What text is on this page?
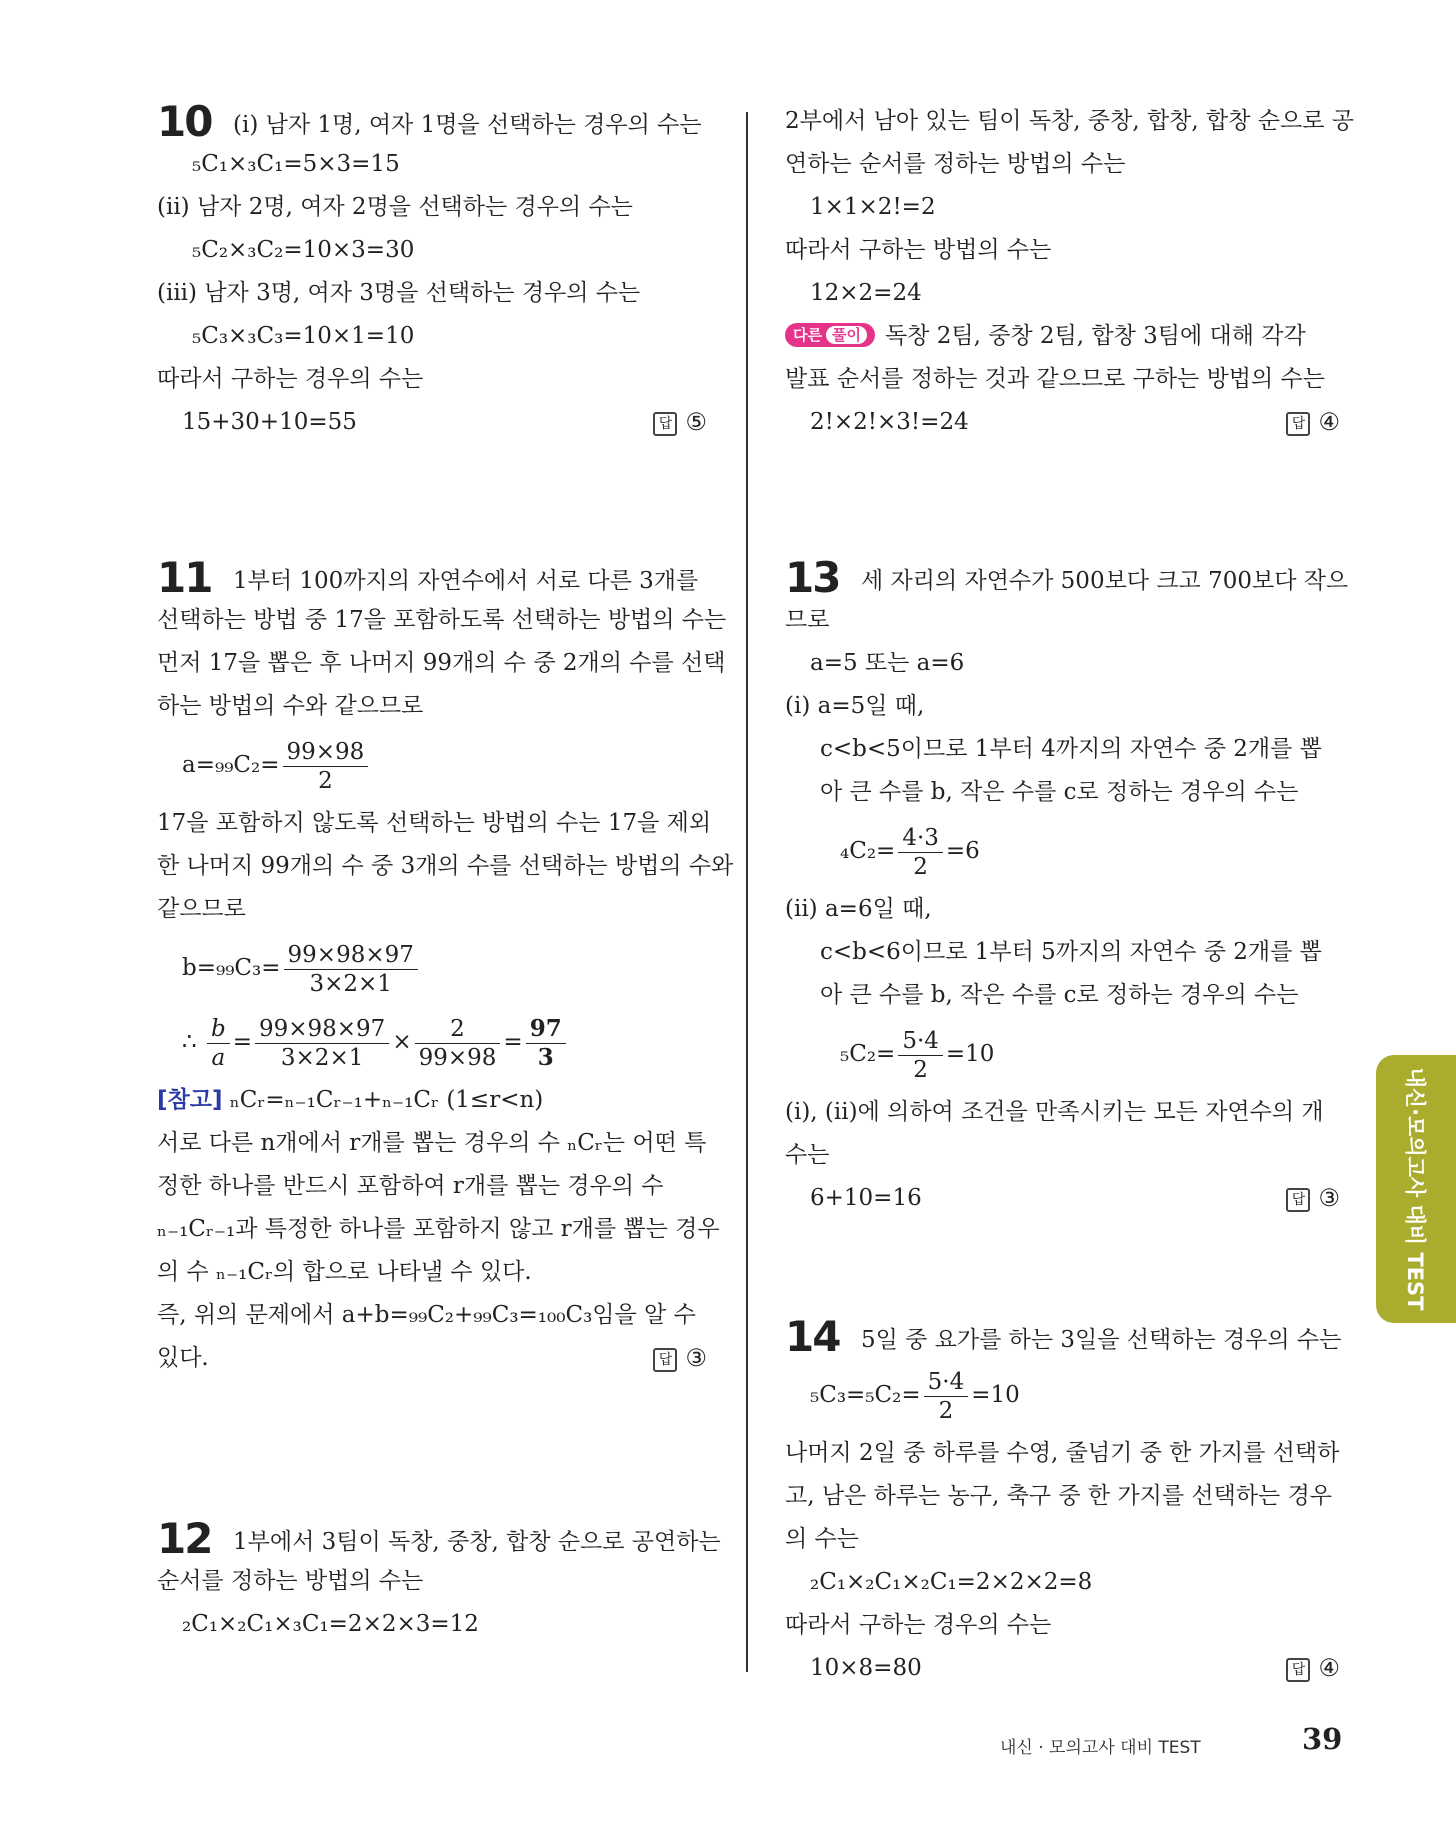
10 (i) 남자 1명, 여자 1명을 선택하는 경우의 수는
₅C₁×₃C₁=5×3=15
(ii) 남자 2명, 여자 2명을 선택하는 경우의 수는
₅C₂×₃C₂=10×3=30
(iii) 남자 3명, 여자 3명을 선택하는 경우의 수는
₅C₃×₃C₃=10×1=10
따라서 구하는 경우의 수는
15+30+10=55	답 ⑤
11 1부터 100까지의 자연수에서 서로 다른 3개를
선택하는 방법 중 17을 포함하도록 선택하는 방법의 수는
먼저 17을 뽑은 후 나머지 99개의 수 중 2개의 수를 선택
하는 방법의 수와 같으므로
$a=_{99}C_2= \frac{99\times 98}{2}$
17을 포함하지 않도록 선택하는 방법의 수는 17을 제외
한 나머지 99개의 수 중 3개의 수를 선택하는 방법의 수와
같으므로
$b=_{99}C_3= \frac{99\times 98\times 97}{3\times 2\times 1}$
∴ $\frac{b}{a} = \frac{99\times 98\times 97}{3\times 2\times 1} \times \frac{2}{99\times 98} = \frac{97}{3}$
[참고] ₙCᵣ=ₙ₋₁Cᵣ₋₁+ₙ₋₁Cᵣ (1≤r<n)
서로 다른 n개에서 r개를 뽑는 경우의 수 ₙCᵣ는 어떤 특
정한 하나를 반드시 포함하여 r개를 뽑는 경우의 수
ₙ₋₁Cᵣ₋₁과 특정한 하나를 포함하지 않고 r개를 뽑는 경우
의 수 ₙ₋₁Cᵣ의 합으로 나타낼 수 있다.
즉, 위의 문제에서 a+b=₉₉C₂+₉₉C₃=₁₀₀C₃임을 알 수
있다.	답 ③
12 1부에서 3팀이 독창, 중창, 합창 순으로 공연하는
순서를 정하는 방법의 수는
₂C₁×₂C₁×₃C₁=2×2×3=12
2부에서 남아 있는 팀이 독창, 중창, 합창, 합창 순으로 공
연하는 순서를 정하는 방법의 수는
1×1×2!=2
따라서 구하는 방법의 수는
12×2=24
다른 풀이 독창 2팀, 중창 2팀, 합창 3팀에 대해 각각
발표 순서를 정하는 것과 같으므로 구하는 방법의 수는
2!×2!×3!=24	답 ④
13 세 자리의 자연수가 500보다 크고 700보다 작으
므로
a=5 또는 a=6
(i) a=5일 때,
c<b<5이므로 1부터 4까지의 자연수 중 2개를 뽑
아 큰 수를 b, 작은 수를 c로 정하는 경우의 수는
$_4C_2= \frac{4\cdot 3}{2} =6$
(ii) a=6일 때,
c<b<6이므로 1부터 5까지의 자연수 중 2개를 뽑
아 큰 수를 b, 작은 수를 c로 정하는 경우의 수는
$_5C_2= \frac{5\cdot 4}{2} =10$
(i), (ii)에 의하여 조건을 만족시키는 모든 자연수의 개
수는
6+10=16	답 ③
14 5일 중 요가를 하는 3일을 선택하는 경우의 수는
$_5C_3=_5C_2= \frac{5\cdot 4}{2} =10$
나머지 2일 중 하루를 수영, 줄넘기 중 한 가지를 선택하
고, 남은 하루는 농구, 축구 중 한 가지를 선택하는 경우
의 수는
₂C₁×₂C₁×₂C₁=2×2×2=8
따라서 구하는 경우의 수는
10×8=80	답 ④
내신·모의고사 대비 TEST
내신 · 모의고사 대비 TEST	39
